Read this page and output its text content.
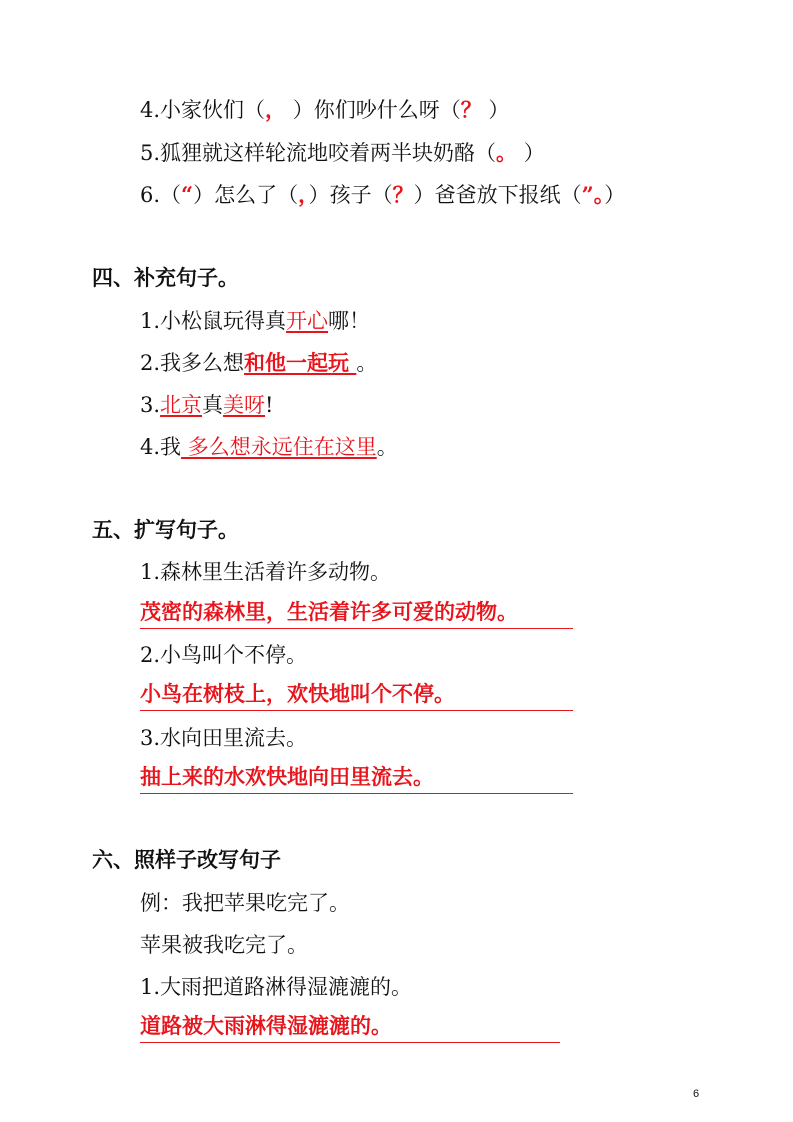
4.小家伙们（， ）你们吵什么呀（？ ）
5.狐狸就这样轮流地咬着两半块奶酪（。 ）
6.（“）怎么了（，）孩子（？）爸爸放下报纸（”。）
四、补充句子。
1.小松鼠玩得真开心哪！
2.我多么想和他一起玩 。
3.北京真美呀!
4.我 多么想永远住在这里。
五、扩写句子。
1.森林里生活着许多动物。
茂密的森林里，生活着许多可爱的动物。
2.小鸟叫个不停。
小鸟在树枝上，欢快地叫个不停。
3.水向田里流去。
抽上来的水欢快地向田里流去。
六、照样子改写句子
例：我把苹果吃完了。
苹果被我吃完了。
1.大雨把道路淋得湿漉漉的。
道路被大雨淋得湿漉漉的。
6
